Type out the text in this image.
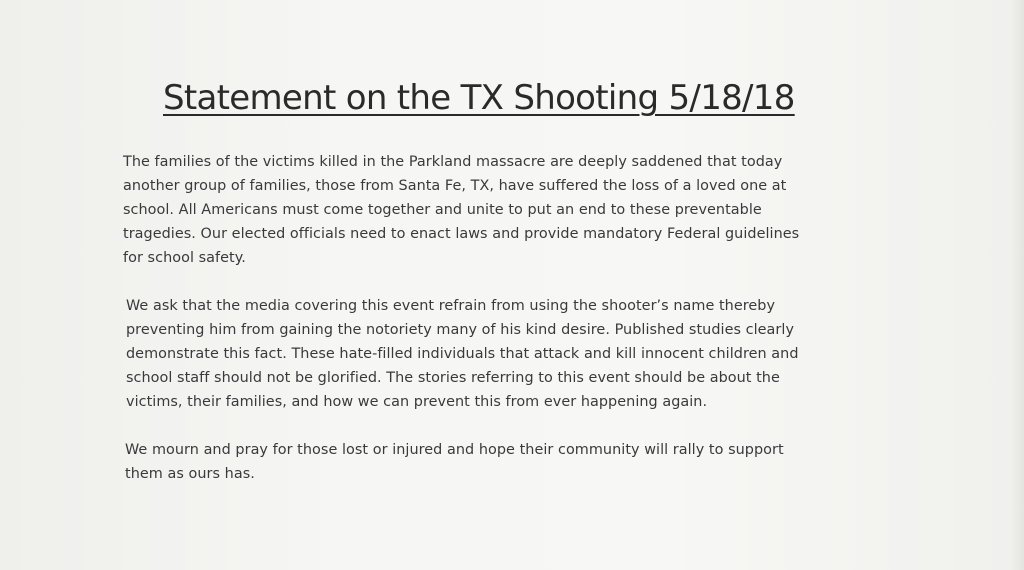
Statement on the TX Shooting 5/18/18

The families of the victims killed in the Parkland massacre are deeply saddened that today
another group of families, those from Santa Fe, TX, have suffered the loss of a loved one at
school. All Americans must come together and unite to put an end to these preventable
tragedies. Our elected officials need to enact laws and provide mandatory Federal guidelines
for school safety.

We ask that the media covering this event refrain from using the shooter’s name thereby
preventing him from gaining the notoriety many of his kind desire. Published studies clearly
demonstrate this fact. These hate-filled individuals that attack and kill innocent children and
school staff should not be glorified. The stories referring to this event should be about the
victims, their families, and how we can prevent this from ever happening again.

We mourn and pray for those lost or injured and hope their community will rally to support
them as ours has.
